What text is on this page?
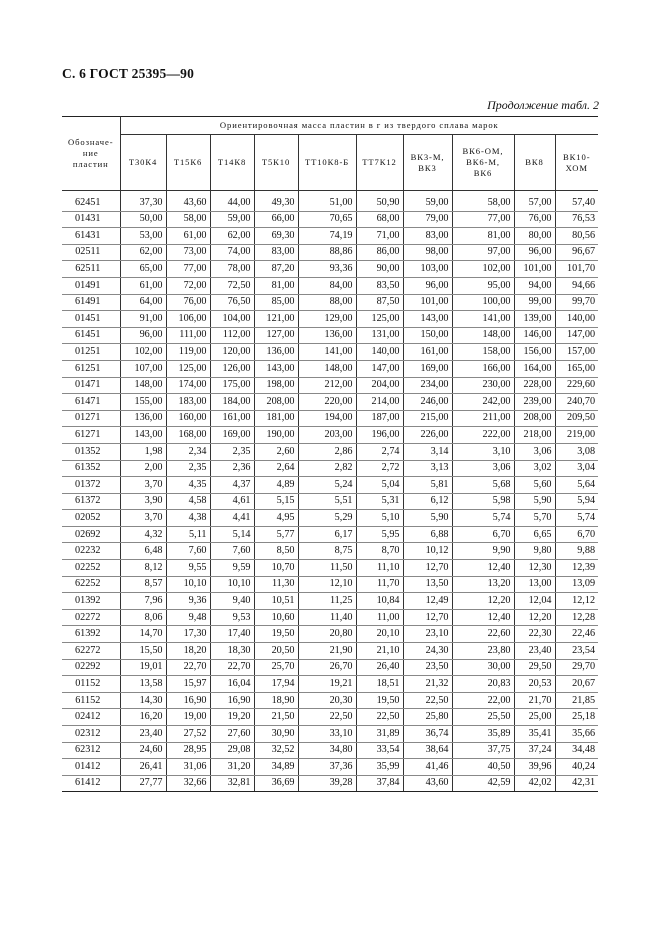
С. 6 ГОСТ 25395—90
Продолжение табл. 2
Обозначе-ние пластин	Ориентировочная масса пластин в г из твердого сплава марок									
	Т30К4	Т15К6	Т14К8	Т5К10	ТТ10К8-Б	ТТ7К12	ВК3-М, ВК3	ВК6-ОМ, ВК6-М, ВК6	ВК8	ВК10-ХОМ
62451	37,30	43,60	44,00	49,30	51,00	50,90	59,00	58,00	57,00	57,40
01431	50,00	58,00	59,00	66,00	70,65	68,00	79,00	77,00	76,00	76,53
61431	53,00	61,00	62,00	69,30	74,19	71,00	83,00	81,00	80,00	80,56
02511	62,00	73,00	74,00	83,00	88,86	86,00	98,00	97,00	96,00	96,67
62511	65,00	77,00	78,00	87,20	93,36	90,00	103,00	102,00	101,00	101,70
01491	61,00	72,00	72,50	81,00	84,00	83,50	96,00	95,00	94,00	94,66
61491	64,00	76,00	76,50	85,00	88,00	87,50	101,00	100,00	99,00	99,70
01451	91,00	106,00	104,00	121,00	129,00	125,00	143,00	141,00	139,00	140,00
61451	96,00	111,00	112,00	127,00	136,00	131,00	150,00	148,00	146,00	147,00
01251	102,00	119,00	120,00	136,00	141,00	140,00	161,00	158,00	156,00	157,00
61251	107,00	125,00	126,00	143,00	148,00	147,00	169,00	166,00	164,00	165,00
01471	148,00	174,00	175,00	198,00	212,00	204,00	234,00	230,00	228,00	229,60
61471	155,00	183,00	184,00	208,00	220,00	214,00	246,00	242,00	239,00	240,70
01271	136,00	160,00	161,00	181,00	194,00	187,00	215,00	211,00	208,00	209,50
61271	143,00	168,00	169,00	190,00	203,00	196,00	226,00	222,00	218,00	219,00
01352	1,98	2,34	2,35	2,60	2,86	2,74	3,14	3,10	3,06	3,08
61352	2,00	2,35	2,36	2,64	2,82	2,72	3,13	3,06	3,02	3,04
01372	3,70	4,35	4,37	4,89	5,24	5,04	5,81	5,68	5,60	5,64
61372	3,90	4,58	4,61	5,15	5,51	5,31	6,12	5,98	5,90	5,94
02052	3,70	4,38	4,41	4,95	5,29	5,10	5,90	5,74	5,70	5,74
02692	4,32	5,11	5,14	5,77	6,17	5,95	6,88	6,70	6,65	6,70
02232	6,48	7,60	7,60	8,50	8,75	8,70	10,12	9,90	9,80	9,88
02252	8,12	9,55	9,59	10,70	11,50	11,10	12,70	12,40	12,30	12,39
62252	8,57	10,10	10,10	11,30	12,10	11,70	13,50	13,20	13,00	13,09
01392	7,96	9,36	9,40	10,51	11,25	10,84	12,49	12,20	12,04	12,12
02272	8,06	9,48	9,53	10,60	11,40	11,00	12,70	12,40	12,20	12,28
61392	14,70	17,30	17,40	19,50	20,80	20,10	23,10	22,60	22,30	22,46
62272	15,50	18,20	18,30	20,50	21,90	21,10	24,30	23,80	23,40	23,54
02292	19,01	22,70	22,70	25,70	26,70	26,40	23,50	30,00	29,50	29,70
01152	13,58	15,97	16,04	17,94	19,21	18,51	21,32	20,83	20,53	20,67
61152	14,30	16,90	16,90	18,90	20,30	19,50	22,50	22,00	21,70	21,85
02412	16,20	19,00	19,20	21,50	22,50	22,50	25,80	25,50	25,00	25,18
02312	23,40	27,52	27,60	30,90	33,10	31,89	36,74	35,89	35,41	35,66
62312	24,60	28,95	29,08	32,52	34,80	33,54	38,64	37,75	37,24	34,48
01412	26,41	31,06	31,20	34,89	37,36	35,99	41,46	40,50	39,96	40,24
61412	27,77	32,66	32,81	36,69	39,28	37,84	43,60	42,59	42,02	42,31
